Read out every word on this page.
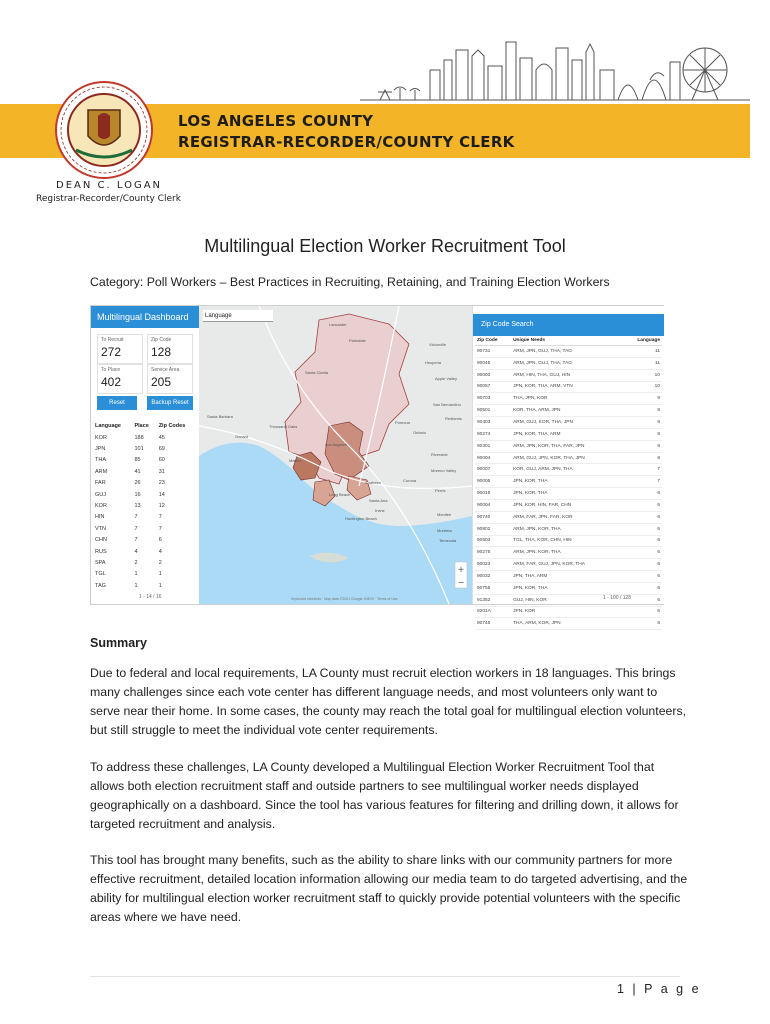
LOS ANGELES COUNTY
REGISTRAR-RECORDER/COUNTY CLERK
DEAN C. LOGAN
Registrar-Recorder/County Clerk
Multilingual Election Worker Recruitment Tool
Category: Poll Workers – Best Practices in Recruiting, Retaining, and Training Election Workers
Multilingual Dashboard
To Recruit
272
Zip Code
128
To Place
402
Service Area
205
Reset	Backup Reset
Language	Place	Zip Codes
KOR	188	45
JPN	101	69
THA	85	60
ARM	41	31
FAR	26	23
GUJ	16	14
KOR	13	12
HIN	7	7
VTN	7	7
CHN	7	6
RUS	4	4
SPA	2	2
TGL	1	1
TAG	1	1
1 - 14 / 16
Lancaster
Palmdale
Santa Clarita
Los Angeles
Long Beach
Pomona
Ontario
Riverside
Temecula
Irvine
Santa Barbara
Oxnard
Thousand Oaks
Malibu
Santa Ana
Anaheim	Corona
Perris
Menifee
Victorville
Hesperia
Apple Valley
Huntington Beach
San Bernardino
Redlands
Moreno Valley
Murrieta
+
−
Language
Keyboard shortcuts · Map data ©2021 Google, INEGI · Terms of Use
Zip Code Search
Zip Code	Unique Needs	Language
90731	ARM, JPN, GUJ, THA, TAG	11
90045	ARM, JPN, GUJ, THA, TAG	11
90003	ARM, HIN, THA, GUJ, HIN	10
90057	JPN, KOR, THA, ARM, VTN	10
90703	THA, JPN, KOR	9
90501	KOR, THA, ARM, JPN	8
90403	ARM, GUJ, KOR, THA, JPN	8
90274	JPN, KOR, THA, ARM	8
90301	ARM, JPN, KOR, THA, FAR, JPN	8
90004	ARM, GUJ, JPN, KOR, THA, JPN	8
90007	KOR, GUJ, ARM, JPN, THA	7
90005	JPN, KOR, THA	7
90015	JPN, KOR, THA	6
90004	JPN, KOR, HIN, FAR, CHN	6
90740	ARM, FAR, JPN, FAR, KOR	6
90802	ARM, JPN, KOR, THA	6
90503	TGL, THA, KOR, CHN, HIN	6
90275	ARM, JPN, KOR, THA	6
90023	ARM, FAR, GUJ, JPN, KOR, THA	6
90032	JPN, THA, ARM	6
90755	JPN, KOR, THA	6
91352	GUJ, HIN, KOR	6
9201A	JPN, KOR	6
90745	THA, ARM, KOR, JPN	6
1 - 100 / 128
Summary

Due to federal and local requirements, LA County must recruit election workers in 18 languages. This brings many challenges since each vote center has different language needs, and most volunteers only want to serve near their home. In some cases, the county may reach the total goal for multilingual election volunteers, but still struggle to meet the individual vote center requirements.

To address these challenges, LA County developed a Multilingual Election Worker Recruitment Tool that allows both election recruitment staff and outside partners to see multilingual worker needs displayed geographically on a dashboard. Since the tool has various features for filtering and drilling down, it allows for targeted recruitment and analysis.

This tool has brought many benefits, such as the ability to share links with our community partners for more effective recruitment, detailed location information allowing our media team to do targeted advertising, and the ability for multilingual election worker recruitment staff to quickly provide potential volunteers with the specific areas where we have need.

1 | P a g e
